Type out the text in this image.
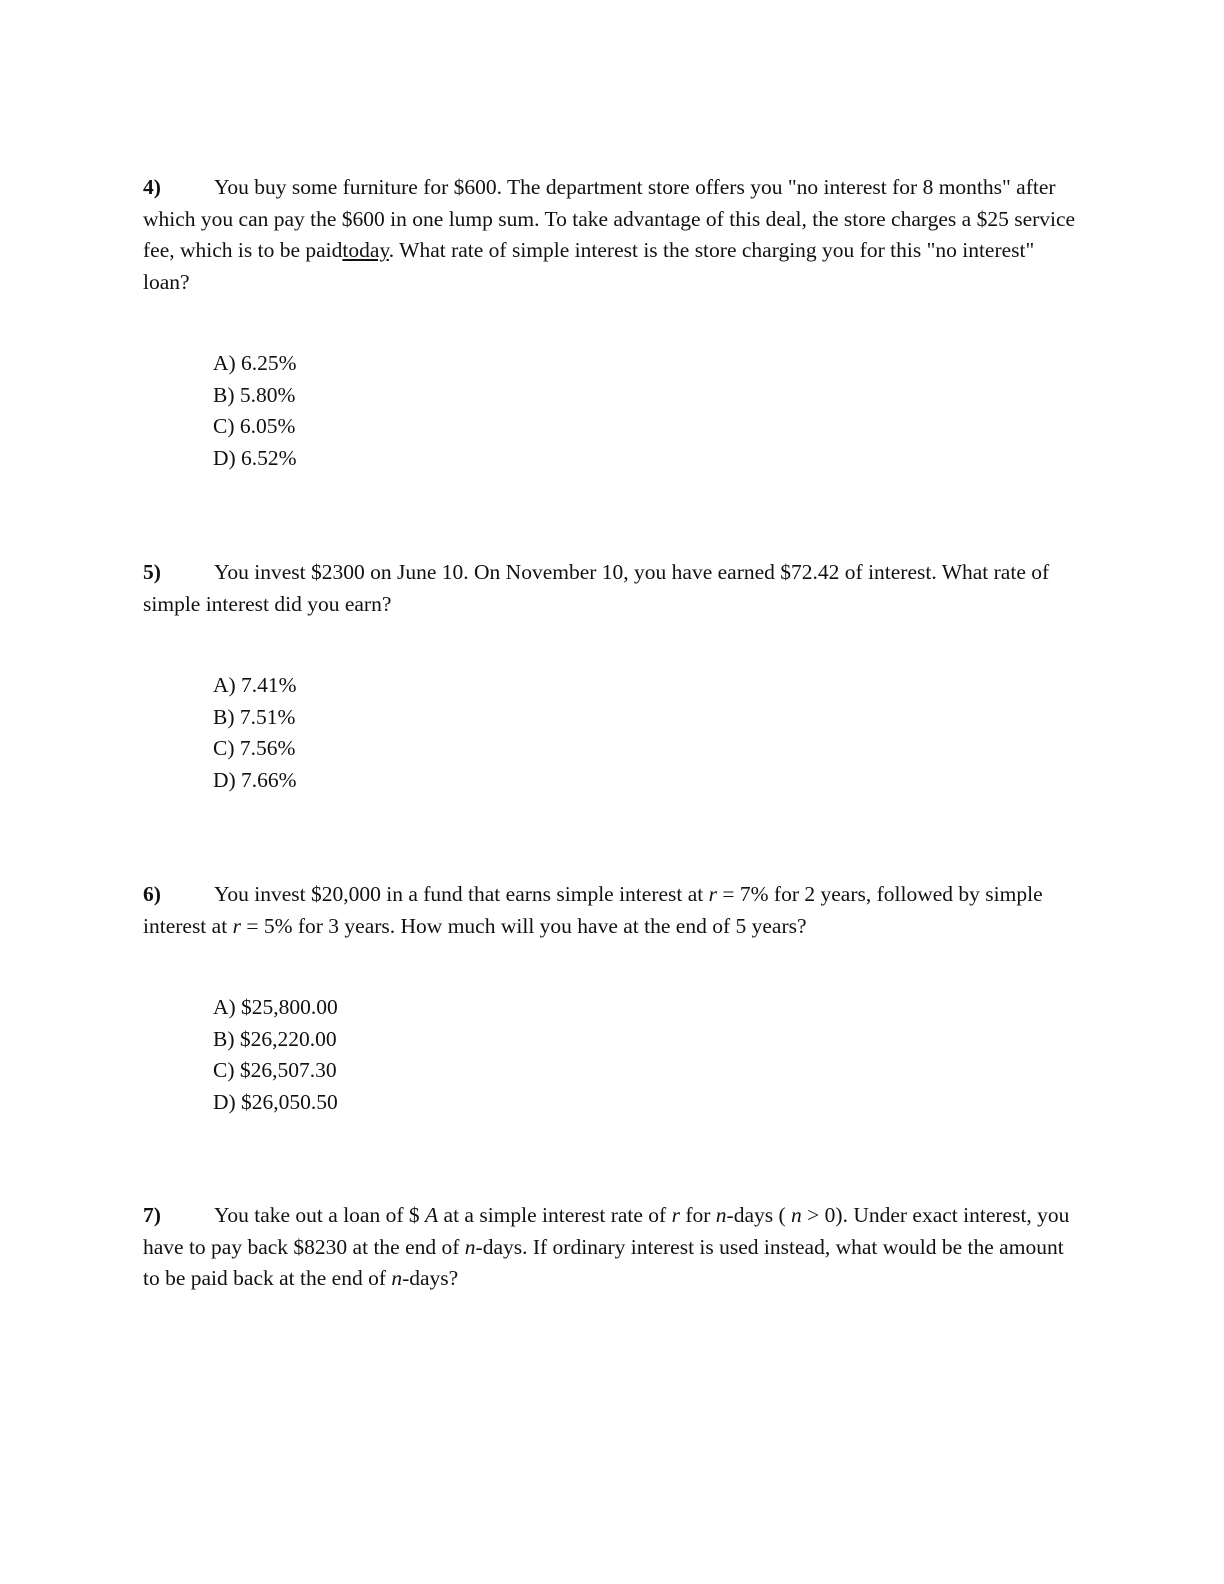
4) You buy some furniture for $600. The department store offers you "no interest for 8 months" after which you can pay the $600 in one lump sum. To take advantage of this deal, the store charges a $25 service fee, which is to be paidtoday. What rate of simple interest is the store charging you for this "no interest" loan?

A) 6.25%
B) 5.80%
C) 6.05%
D) 6.52%

5) You invest $2300 on June 10. On November 10, you have earned $72.42 of interest. What rate of simple interest did you earn?

A) 7.41%
B) 7.51%
C) 7.56%
D) 7.66%

6) You invest $20,000 in a fund that earns simple interest at r = 7% for 2 years, followed by simple interest at r = 5% for 3 years. How much will you have at the end of 5 years?

A) $25,800.00
B) $26,220.00
C) $26,507.30
D) $26,050.50

7) You take out a loan of $ A at a simple interest rate of r for n-days ( n > 0). Under exact interest, you have to pay back $8230 at the end of n-days. If ordinary interest is used instead, what would be the amount to be paid back at the end of n-days?
